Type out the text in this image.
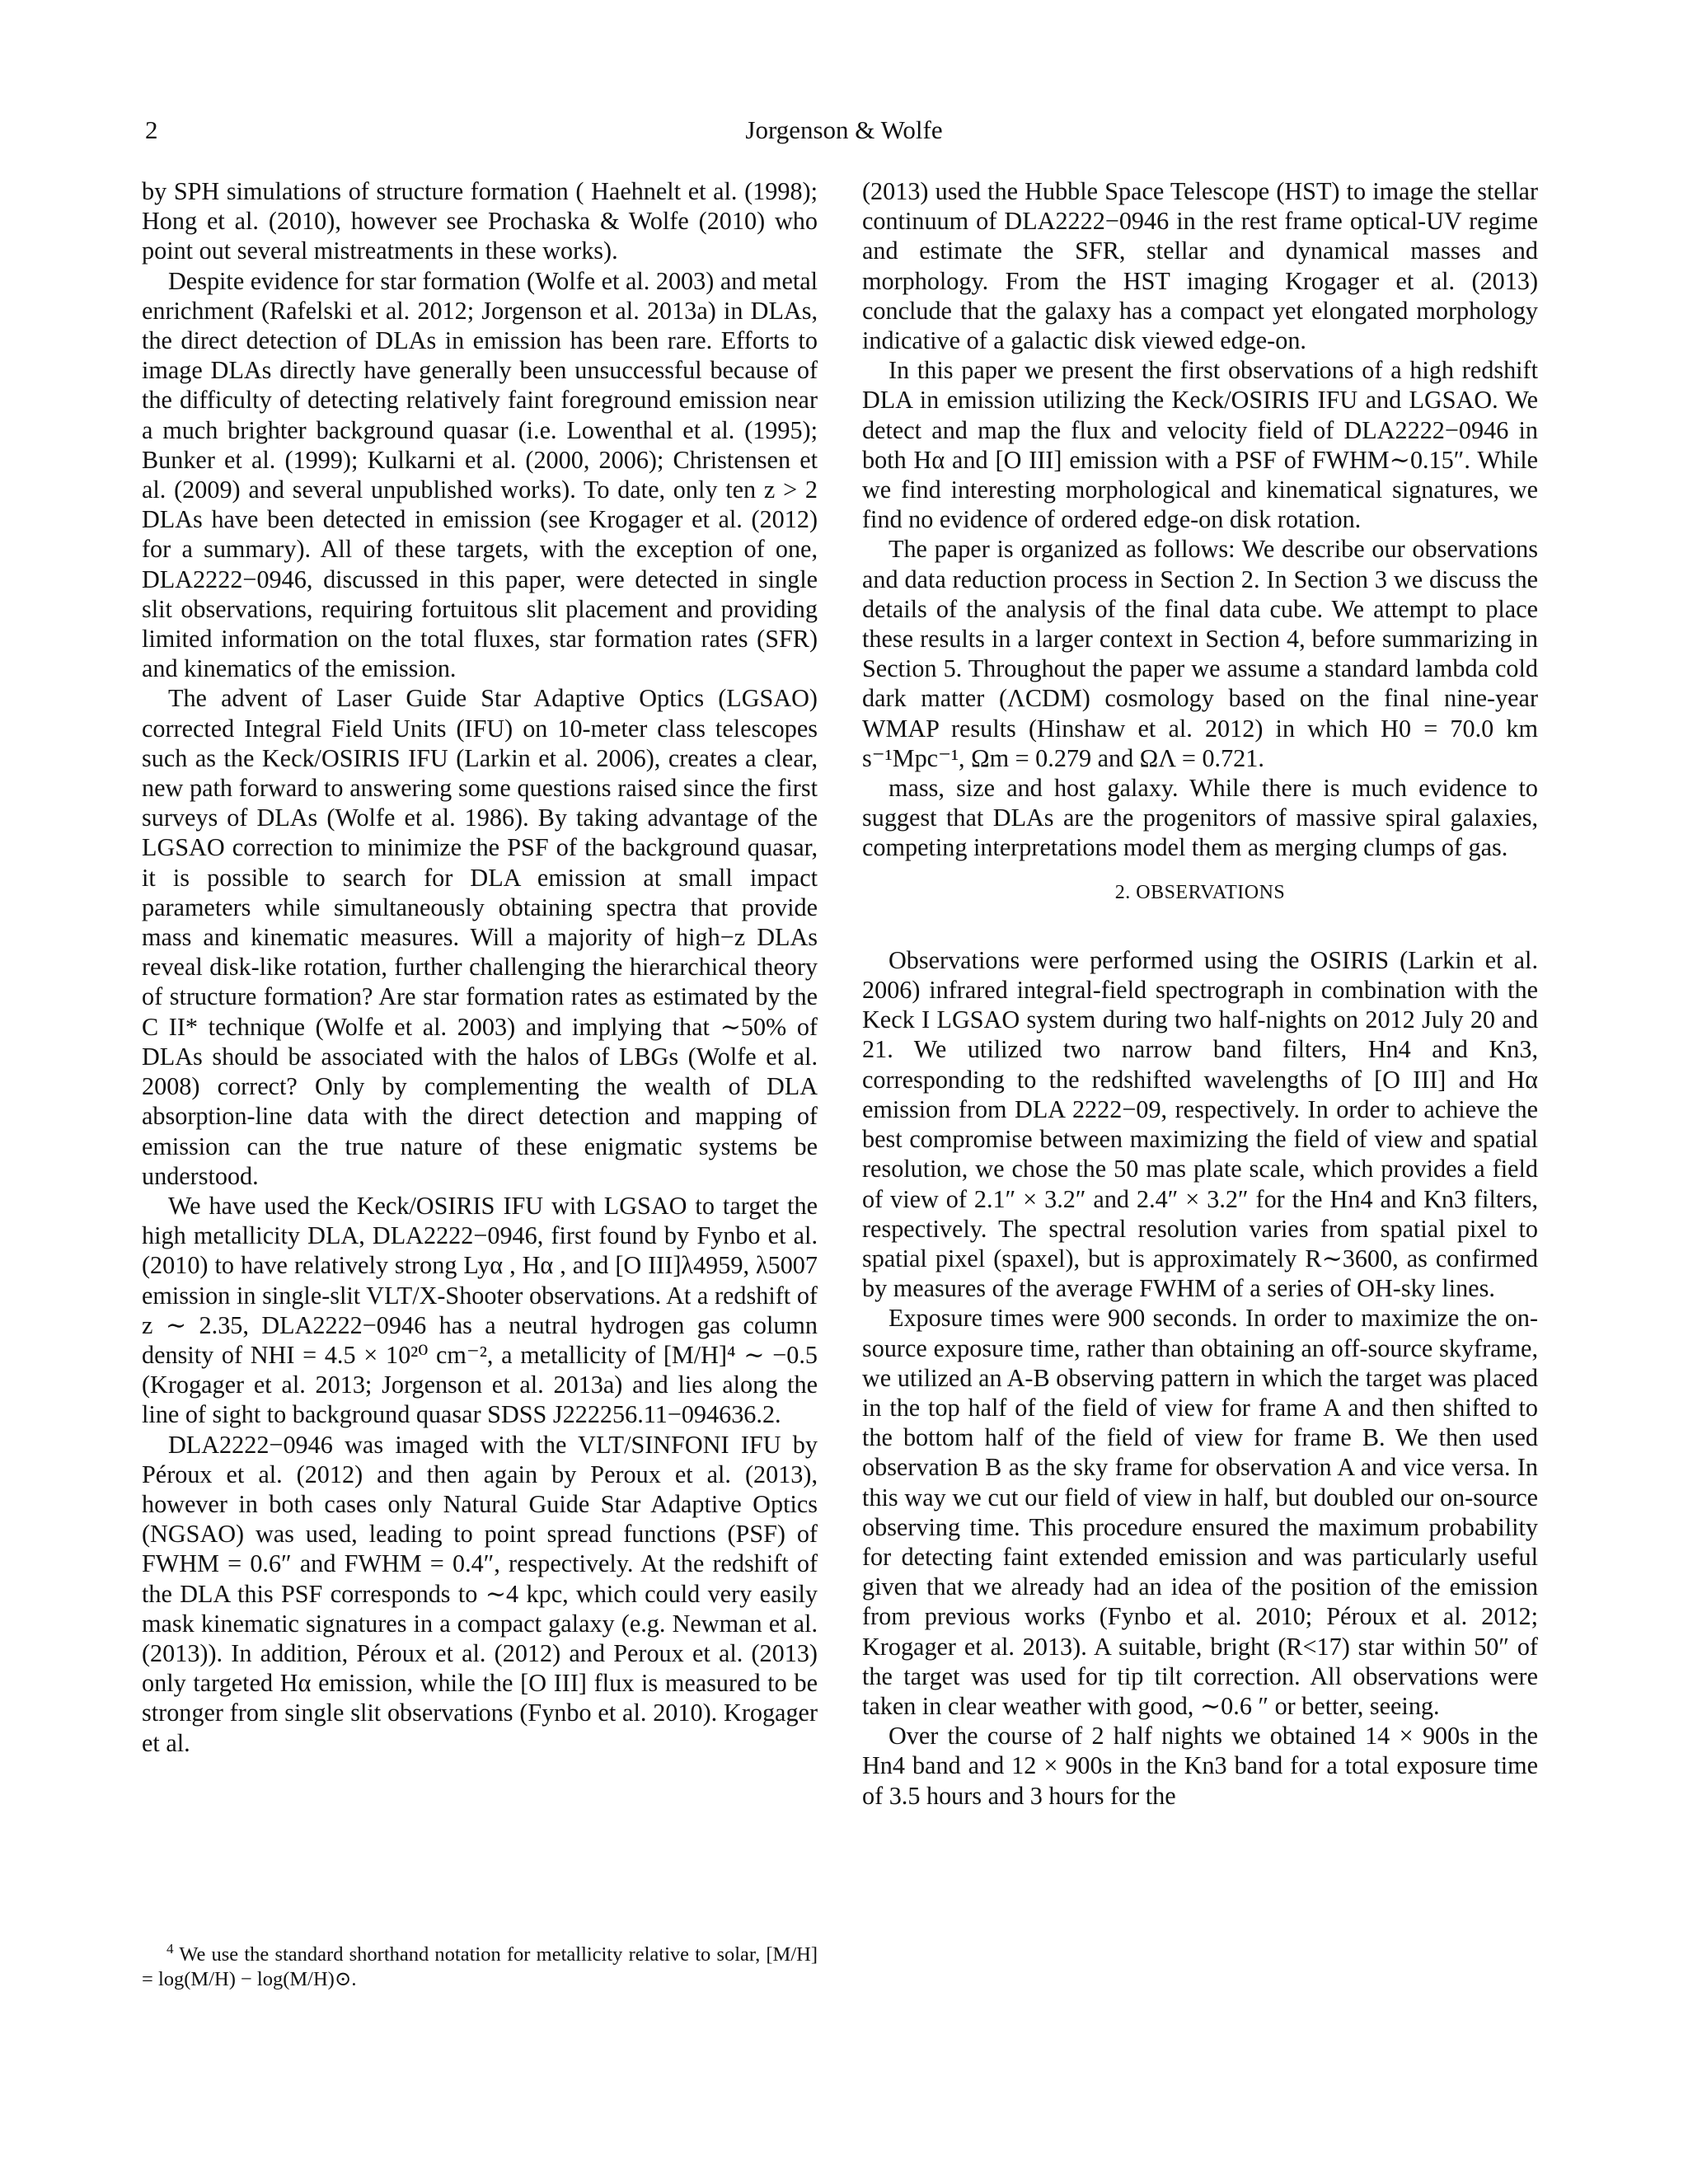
2	Jorgenson & Wolfe

by SPH simulations of structure formation ( Haehnelt et al. (1998); Hong et al. (2010), however see Prochaska & Wolfe (2010) who point out several mistreatments in these works).

Despite evidence for star formation (Wolfe et al. 2003) and metal enrichment (Rafelski et al. 2012; Jorgenson et al. 2013a) in DLAs, the direct detection of DLAs in emission has been rare. Efforts to image DLAs directly have generally been unsuccessful because of the difficulty of detecting relatively faint foreground emission near a much brighter background quasar (i.e. Lowenthal et al. (1995); Bunker et al. (1999); Kulkarni et al. (2000, 2006); Christensen et al. (2009) and several unpublished works). To date, only ten z > 2 DLAs have been detected in emission (see Krogager et al. (2012) for a summary). All of these targets, with the exception of one, DLA2222−0946, discussed in this paper, were detected in single slit observations, requiring fortuitous slit placement and providing limited information on the total fluxes, star formation rates (SFR) and kinematics of the emission.

The advent of Laser Guide Star Adaptive Optics (LGSAO) corrected Integral Field Units (IFU) on 10-meter class telescopes such as the Keck/OSIRIS IFU (Larkin et al. 2006), creates a clear, new path forward to answering some questions raised since the first surveys of DLAs (Wolfe et al. 1986). By taking advantage of the LGSAO correction to minimize the PSF of the background quasar, it is possible to search for DLA emission at small impact parameters while simultaneously obtaining spectra that provide mass and kinematic measures. Will a majority of high−z DLAs reveal disk-like rotation, further challenging the hierarchical theory of structure formation? Are star formation rates as estimated by the C II* technique (Wolfe et al. 2003) and implying that ∼50% of DLAs should be associated with the halos of LBGs (Wolfe et al. 2008) correct? Only by complementing the wealth of DLA absorption-line data with the direct detection and mapping of emission can the true nature of these enigmatic systems be understood.

We have used the Keck/OSIRIS IFU with LGSAO to target the high metallicity DLA, DLA2222−0946, first found by Fynbo et al. (2010) to have relatively strong Lyα , Hα , and [O III]λ4959, λ5007 emission in single-slit VLT/X-Shooter observations. At a redshift of z ∼ 2.35, DLA2222−0946 has a neutral hydrogen gas column density of NHI = 4.5 × 10²⁰ cm⁻², a metallicity of [M/H]⁴ ∼ −0.5 (Krogager et al. 2013; Jorgenson et al. 2013a) and lies along the line of sight to background quasar SDSS J222256.11−094636.2.

DLA2222−0946 was imaged with the VLT/SINFONI IFU by Péroux et al. (2012) and then again by Peroux et al. (2013), however in both cases only Natural Guide Star Adaptive Optics (NGSAO) was used, leading to point spread functions (PSF) of FWHM = 0.6″ and FWHM = 0.4″, respectively. At the redshift of the DLA this PSF corresponds to ∼4 kpc, which could very easily mask kinematic signatures in a compact galaxy (e.g. Newman et al. (2013)). In addition, Péroux et al. (2012) and Peroux et al. (2013) only targeted Hα emission, while the [O III] flux is measured to be stronger from single slit observations (Fynbo et al. 2010). Krogager et al.

$^4$ We use the standard shorthand notation for metallicity relative to solar, [M/H] = log(M/H) − log(M/H)⊙.

(2013) used the Hubble Space Telescope (HST) to image the stellar continuum of DLA2222−0946 in the rest frame optical-UV regime and estimate the SFR, stellar and dynamical masses and morphology. From the HST imaging Krogager et al. (2013) conclude that the galaxy has a compact yet elongated morphology indicative of a galactic disk viewed edge-on.

In this paper we present the first observations of a high redshift DLA in emission utilizing the Keck/OSIRIS IFU and LGSAO. We detect and map the flux and velocity field of DLA2222−0946 in both Hα and [O III] emission with a PSF of FWHM∼0.15″. While we find interesting morphological and kinematical signatures, we find no evidence of ordered edge-on disk rotation.

The paper is organized as follows: We describe our observations and data reduction process in Section 2. In Section 3 we discuss the details of the analysis of the final data cube. We attempt to place these results in a larger context in Section 4, before summarizing in Section 5. Throughout the paper we assume a standard lambda cold dark matter (ΛCDM) cosmology based on the final nine-year WMAP results (Hinshaw et al. 2012) in which H0 = 70.0 km s⁻¹Mpc⁻¹, Ωm = 0.279 and ΩΛ = 0.721.

mass, size and host galaxy. While there is much evidence to suggest that DLAs are the progenitors of massive spiral galaxies, competing interpretations model them as merging clumps of gas.

2. OBSERVATIONS

Observations were performed using the OSIRIS (Larkin et al. 2006) infrared integral-field spectrograph in combination with the Keck I LGSAO system during two half-nights on 2012 July 20 and 21. We utilized two narrow band filters, Hn4 and Kn3, corresponding to the redshifted wavelengths of [O III] and Hα emission from DLA 2222−09, respectively. In order to achieve the best compromise between maximizing the field of view and spatial resolution, we chose the 50 mas plate scale, which provides a field of view of 2.1″ × 3.2″ and 2.4″ × 3.2″ for the Hn4 and Kn3 filters, respectively. The spectral resolution varies from spatial pixel to spatial pixel (spaxel), but is approximately R∼3600, as confirmed by measures of the average FWHM of a series of OH-sky lines.

Exposure times were 900 seconds. In order to maximize the on-source exposure time, rather than obtaining an off-source skyframe, we utilized an A-B observing pattern in which the target was placed in the top half of the field of view for frame A and then shifted to the bottom half of the field of view for frame B. We then used observation B as the sky frame for observation A and vice versa. In this way we cut our field of view in half, but doubled our on-source observing time. This procedure ensured the maximum probability for detecting faint extended emission and was particularly useful given that we already had an idea of the position of the emission from previous works (Fynbo et al. 2010; Péroux et al. 2012; Krogager et al. 2013). A suitable, bright (R<17) star within 50″ of the target was used for tip tilt correction. All observations were taken in clear weather with good, ∼0.6 ″ or better, seeing.

Over the course of 2 half nights we obtained 14 × 900s in the Hn4 band and 12 × 900s in the Kn3 band for a total exposure time of 3.5 hours and 3 hours for the
